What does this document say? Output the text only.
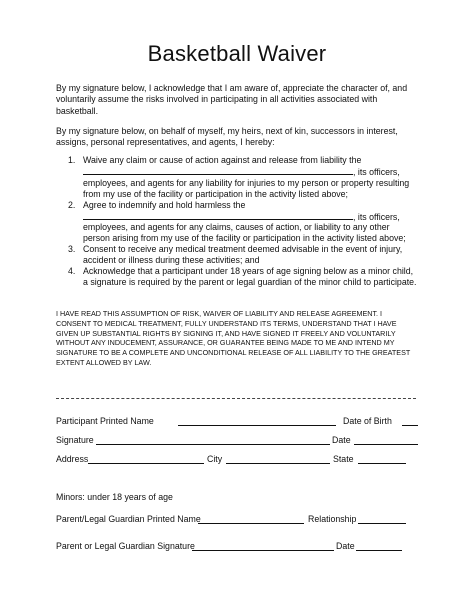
Basketball Waiver
By my signature below, I acknowledge that I am aware of, appreciate the character of, and voluntarily assume the risks involved in participating in all activities associated with basketball.
By my signature below, on behalf of myself, my heirs, next of kin, successors in interest, assigns, personal representatives, and agents, I hereby:
1. Waive any claim or cause of action against and release from liability the
, its officers, employees, and agents for any liability for injuries to my person or property resulting from my use of the facility or participation in the activity listed above;
2. Agree to indemnify and hold harmless the
, its officers, employees, and agents for any claims, causes of action, or liability to any other person arising from my use of the facility or participation in the activity listed above;
3. Consent to receive any medical treatment deemed advisable in the event of injury, accident or illness during these activities; and
4. Acknowledge that a participant under 18 years of age signing below as a minor child, a signature is required by the parent or legal guardian of the minor child to participate.
I HAVE READ THIS ASSUMPTION OF RISK, WAIVER OF LIABILITY AND RELEASE AGREEMENT. I CONSENT TO MEDICAL TREATMENT, FULLY UNDERSTAND ITS TERMS, UNDERSTAND THAT I HAVE GIVEN UP SUBSTANTIAL RIGHTS BY SIGNING IT, AND HAVE SIGNED IT FREELY AND VOLUNTARILY WITHOUT ANY INDUCEMENT, ASSURANCE, OR GUARANTEE BEING MADE TO ME AND INTEND MY SIGNATURE TO BE A COMPLETE AND UNCONDITIONAL RELEASE OF ALL LIABILITY TO THE GREATEST EXTENT ALLOWED BY LAW.
Participant Printed Name	Date of Birth
Signature	Date
Address	City	State
Minors: under 18 years of age
Parent/Legal Guardian Printed Name	Relationship
Parent or Legal Guardian Signature	Date
